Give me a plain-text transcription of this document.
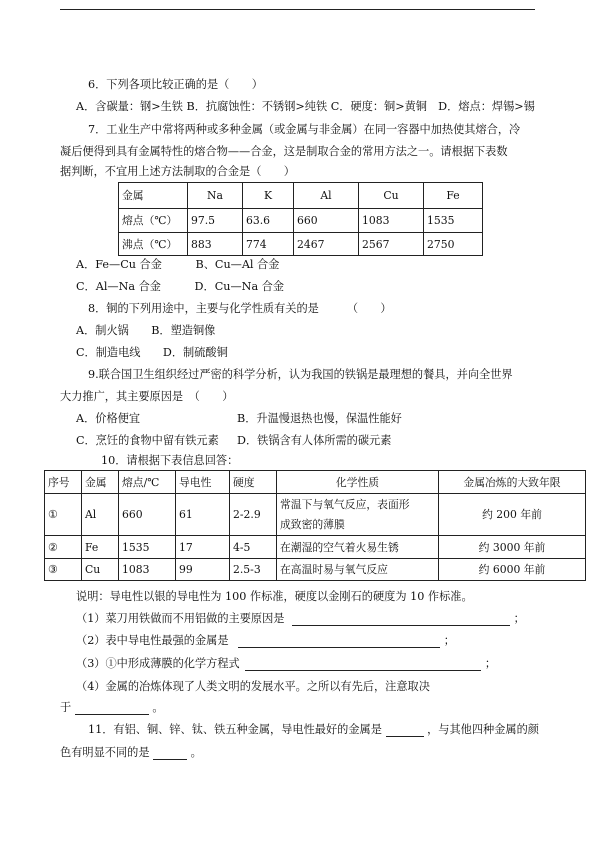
6．下列各项比较正确的是（　　）
A．含碳量：钢>生铁 B．抗腐蚀性：不锈钢>纯铁 C．硬度：铜>黄铜　D．熔点：焊锡>锡
7．工业生产中常将两种或多种金属（或金属与非金属）在同一容器中加热使其熔合，冷
凝后便得到具有金属特性的熔合物——合金，这是制取合金的常用方法之一。请根据下表数
据判断，不宜用上述方法制取的合金是（　　）
金属	Na	K	Al	Cu	Fe
熔点（℃）	97.5	63.6	660	1083	1535
沸点（℃）	883	774	2467	2567	2750
A．Fe—Cu 合金　　　B、Cu—Al 合金
C．Al—Na 合金　　　D．Cu—Na 合金
8．铜的下列用途中，主要与化学性质有关的是　　　（　　）
A．制火锅　　B．塑造铜像
C．制造电线　　D．制硫酸铜
9.联合国卫生组织经过严密的科学分析，认为我国的铁锅是最理想的餐具，并向全世界
大力推广，其主要原因是　（　　）
A．价格便宜	B．升温慢退热也慢，保温性能好
C．烹饪的食物中留有铁元素 D．铁锅含有人体所需的碳元素
10．请根据下表信息回答：
序号	金属	熔点/℃	导电性	硬度	化学性质	金属冶炼的大致年限
①	Al	660	61	2-2.9	常温下与氧气反应，表面形
成致密的薄膜	约 200 年前
②	Fe	1535	17	4-5	在潮湿的空气着火易生锈	约 3000 年前
③	Cu	1083	99	2.5-3	在高温时易与氧气反应	约 6000 年前
说明：导电性以银的导电性为 100 作标准，硬度以金刚石的硬度为 10 作标准。
（1）菜刀用铁做而不用铝做的主要原因是	；
（2）表中导电性最强的金属是	；
（3）①中形成薄膜的化学方程式	；
（4）金属的冶炼体现了人类文明的发展水平。之所以有先后，注意取决
于	。
11．有铝、铜、锌、钛、铁五种金属，导电性最好的金属是	，与其他四种金属的颜
色有明显不同的是	。
